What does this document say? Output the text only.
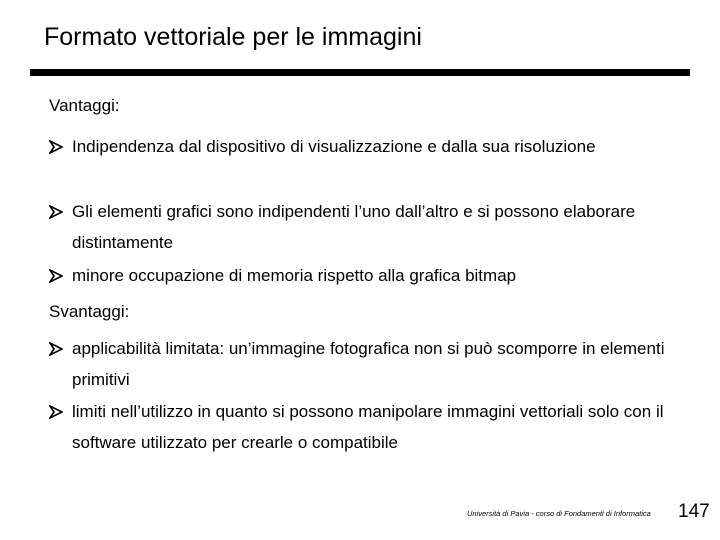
Formato vettoriale per le immagini
Vantaggi:
Indipendenza dal dispositivo di visualizzazione e dalla sua risoluzione
Gli elementi grafici sono indipendenti l’uno dall’altro e si possono elaborare distintamente
minore occupazione di memoria rispetto alla grafica bitmap
Svantaggi:
applicabilità limitata: un’immagine fotografica non si può scomporre in elementi primitivi
limiti nell’utilizzo in quanto si possono manipolare immagini vettoriali solo con il software utilizzato per crearle o compatibile
Università di Pavia - corso di Fondamenti di Informatica 147
